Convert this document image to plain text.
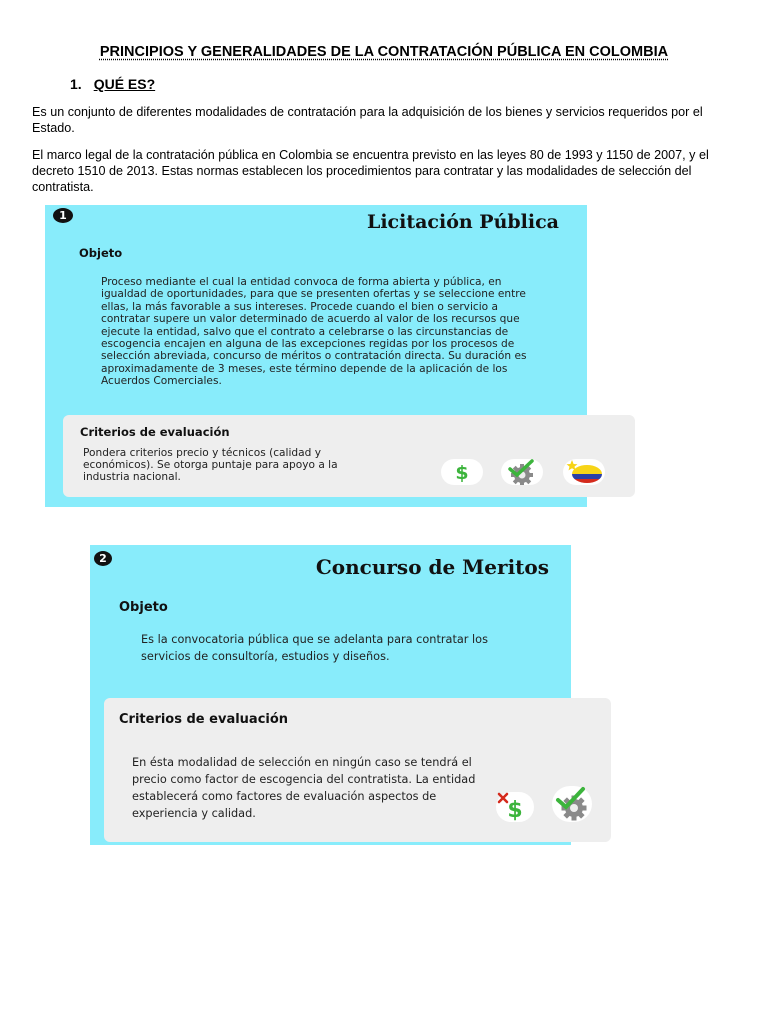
PRINCIPIOS Y GENERALIDADES DE LA CONTRATACIÓN PÚBLICA EN COLOMBIA
1. QUÉ ES?

Es un conjunto de diferentes modalidades de contratación para la adquisición de los bienes y servicios requeridos por el Estado.

El marco legal de la contratación pública en Colombia se encuentra previsto en las leyes 80 de 1993 y 1150 de 2007, y el decreto 1510 de 2013. Estas normas establecen los procedimientos para contratar y las modalidades de selección del contratista.

1	Licitación Pública
Objeto

Proceso mediante el cual la entidad convoca de forma abierta y pública, en igualdad de oportunidades, para que se presenten ofertas y se seleccione entre ellas, la más favorable a sus intereses. Procede cuando el bien o servicio a contratar supere un valor determinado de acuerdo al valor de los recursos que ejecute la entidad, salvo que el contrato a celebrarse o las circunstancias de escogencia encajen en alguna de las excepciones regidas por los procesos de selección abreviada, concurso de méritos o contratación directa. Su duración es aproximadamente de 3 meses, este término depende de la aplicación de los Acuerdos Comerciales.

Criterios de evaluación

Pondera criterios precio y técnicos (calidad y económicos). Se otorga puntaje para apoyo a la industria nacional.	$
2	Concurso de Meritos
Objeto

Es la convocatoria pública que se adelanta para contratar los servicios de consultoría, estudios y diseños.

Criterios de evaluación

En ésta modalidad de selección en ningún caso se tendrá el precio como factor de escogencia del contratista. La entidad establecerá como factores de evaluación aspectos de experiencia y calidad.	$
